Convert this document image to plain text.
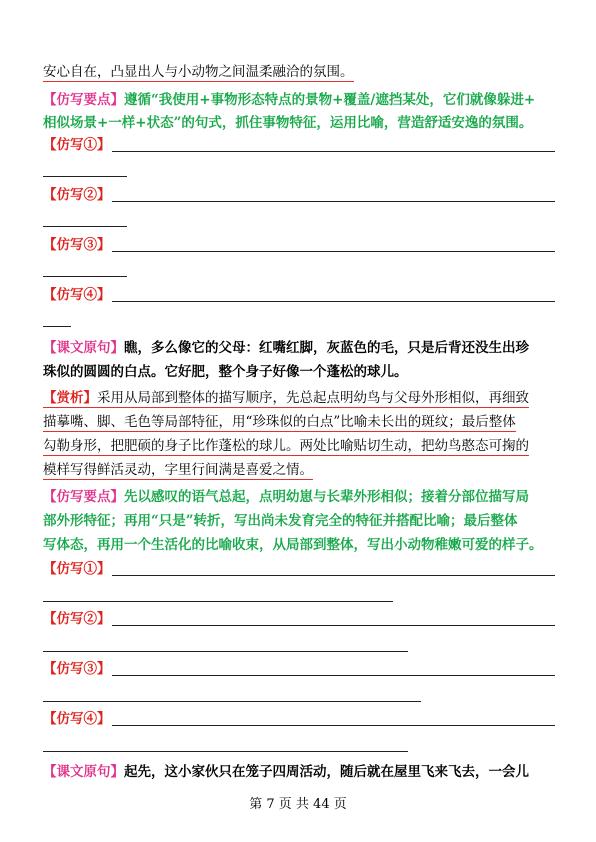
安心自在，凸显出人与小动物之间温柔融洽的氛围。
【仿写要点】遵循“我使用+事物形态特点的景物+覆盖/遮挡某处，它们就像躲进+
相似场景+一样+状态”的句式，抓住事物特征，运用比喻，营造舒适安逸的氛围。
【仿写①】
【仿写②】
【仿写③】
【仿写④】
【课文原句】瞧，多么像它的父母：红嘴红脚，灰蓝色的毛，只是后背还没生出珍
珠似的圆圆的白点。它好肥，整个身子好像一个蓬松的球儿。
【赏析】采用从局部到整体的描写顺序，先总起点明幼鸟与父母外形相似，再细致
描摹嘴、脚、毛色等局部特征，用“珍珠似的白点”比喻未长出的斑纹；最后整体
勾勒身形，把肥硕的身子比作蓬松的球儿。两处比喻贴切生动，把幼鸟憨态可掬的
模样写得鲜活灵动，字里行间满是喜爱之情。
【仿写要点】先以感叹的语气总起，点明幼崽与长辈外形相似；接着分部位描写局
部外形特征；再用“只是”转折，写出尚未发育完全的特征并搭配比喻；最后整体
写体态，再用一个生活化的比喻收束，从局部到整体，写出小动物稚嫩可爱的样子。
【仿写①】
【仿写②】
【仿写③】
【仿写④】
【课文原句】起先，这小家伙只在笼子四周活动，随后就在屋里飞来飞去，一会儿
第 7 页 共 44 页
